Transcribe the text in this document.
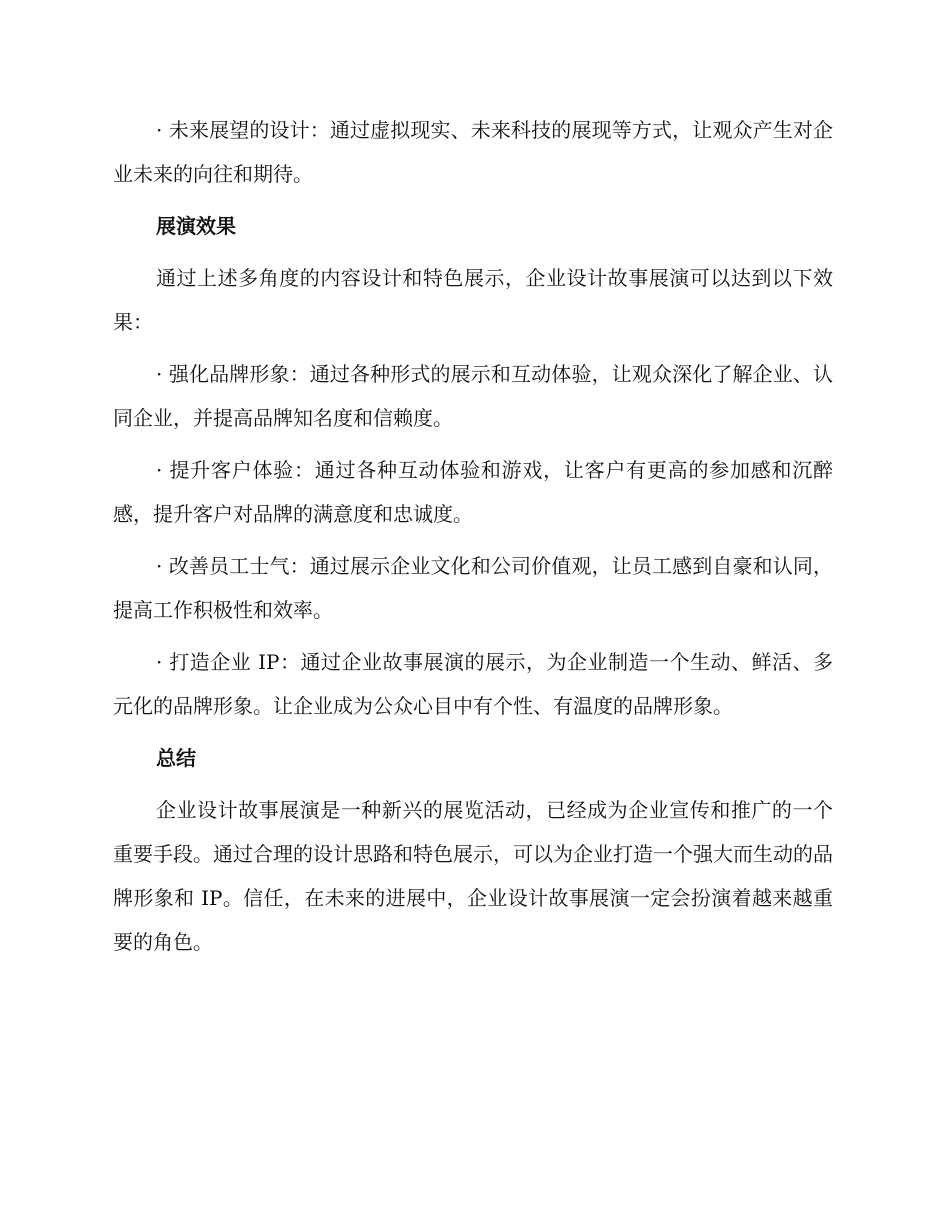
· 未来展望的设计：通过虚拟现实、未来科技的展现等方式，让观众产生对企业未来的向往和期待。

展演效果

通过上述多角度的内容设计和特色展示，企业设计故事展演可以达到以下效果：

· 强化品牌形象：通过各种形式的展示和互动体验，让观众深化了解企业、认同企业，并提高品牌知名度和信赖度。

· 提升客户体验：通过各种互动体验和游戏，让客户有更高的参加感和沉醉感，提升客户对品牌的满意度和忠诚度。

· 改善员工士气：通过展示企业文化和公司价值观，让员工感到自豪和认同，提高工作积极性和效率。

· 打造企业 IP：通过企业故事展演的展示，为企业制造一个生动、鲜活、多元化的品牌形象。让企业成为公众心目中有个性、有温度的品牌形象。

总结

企业设计故事展演是一种新兴的展览活动，已经成为企业宣传和推广的一个重要手段。通过合理的设计思路和特色展示，可以为企业打造一个强大而生动的品牌形象和 IP。信任，在未来的进展中，企业设计故事展演一定会扮演着越来越重要的角色。
